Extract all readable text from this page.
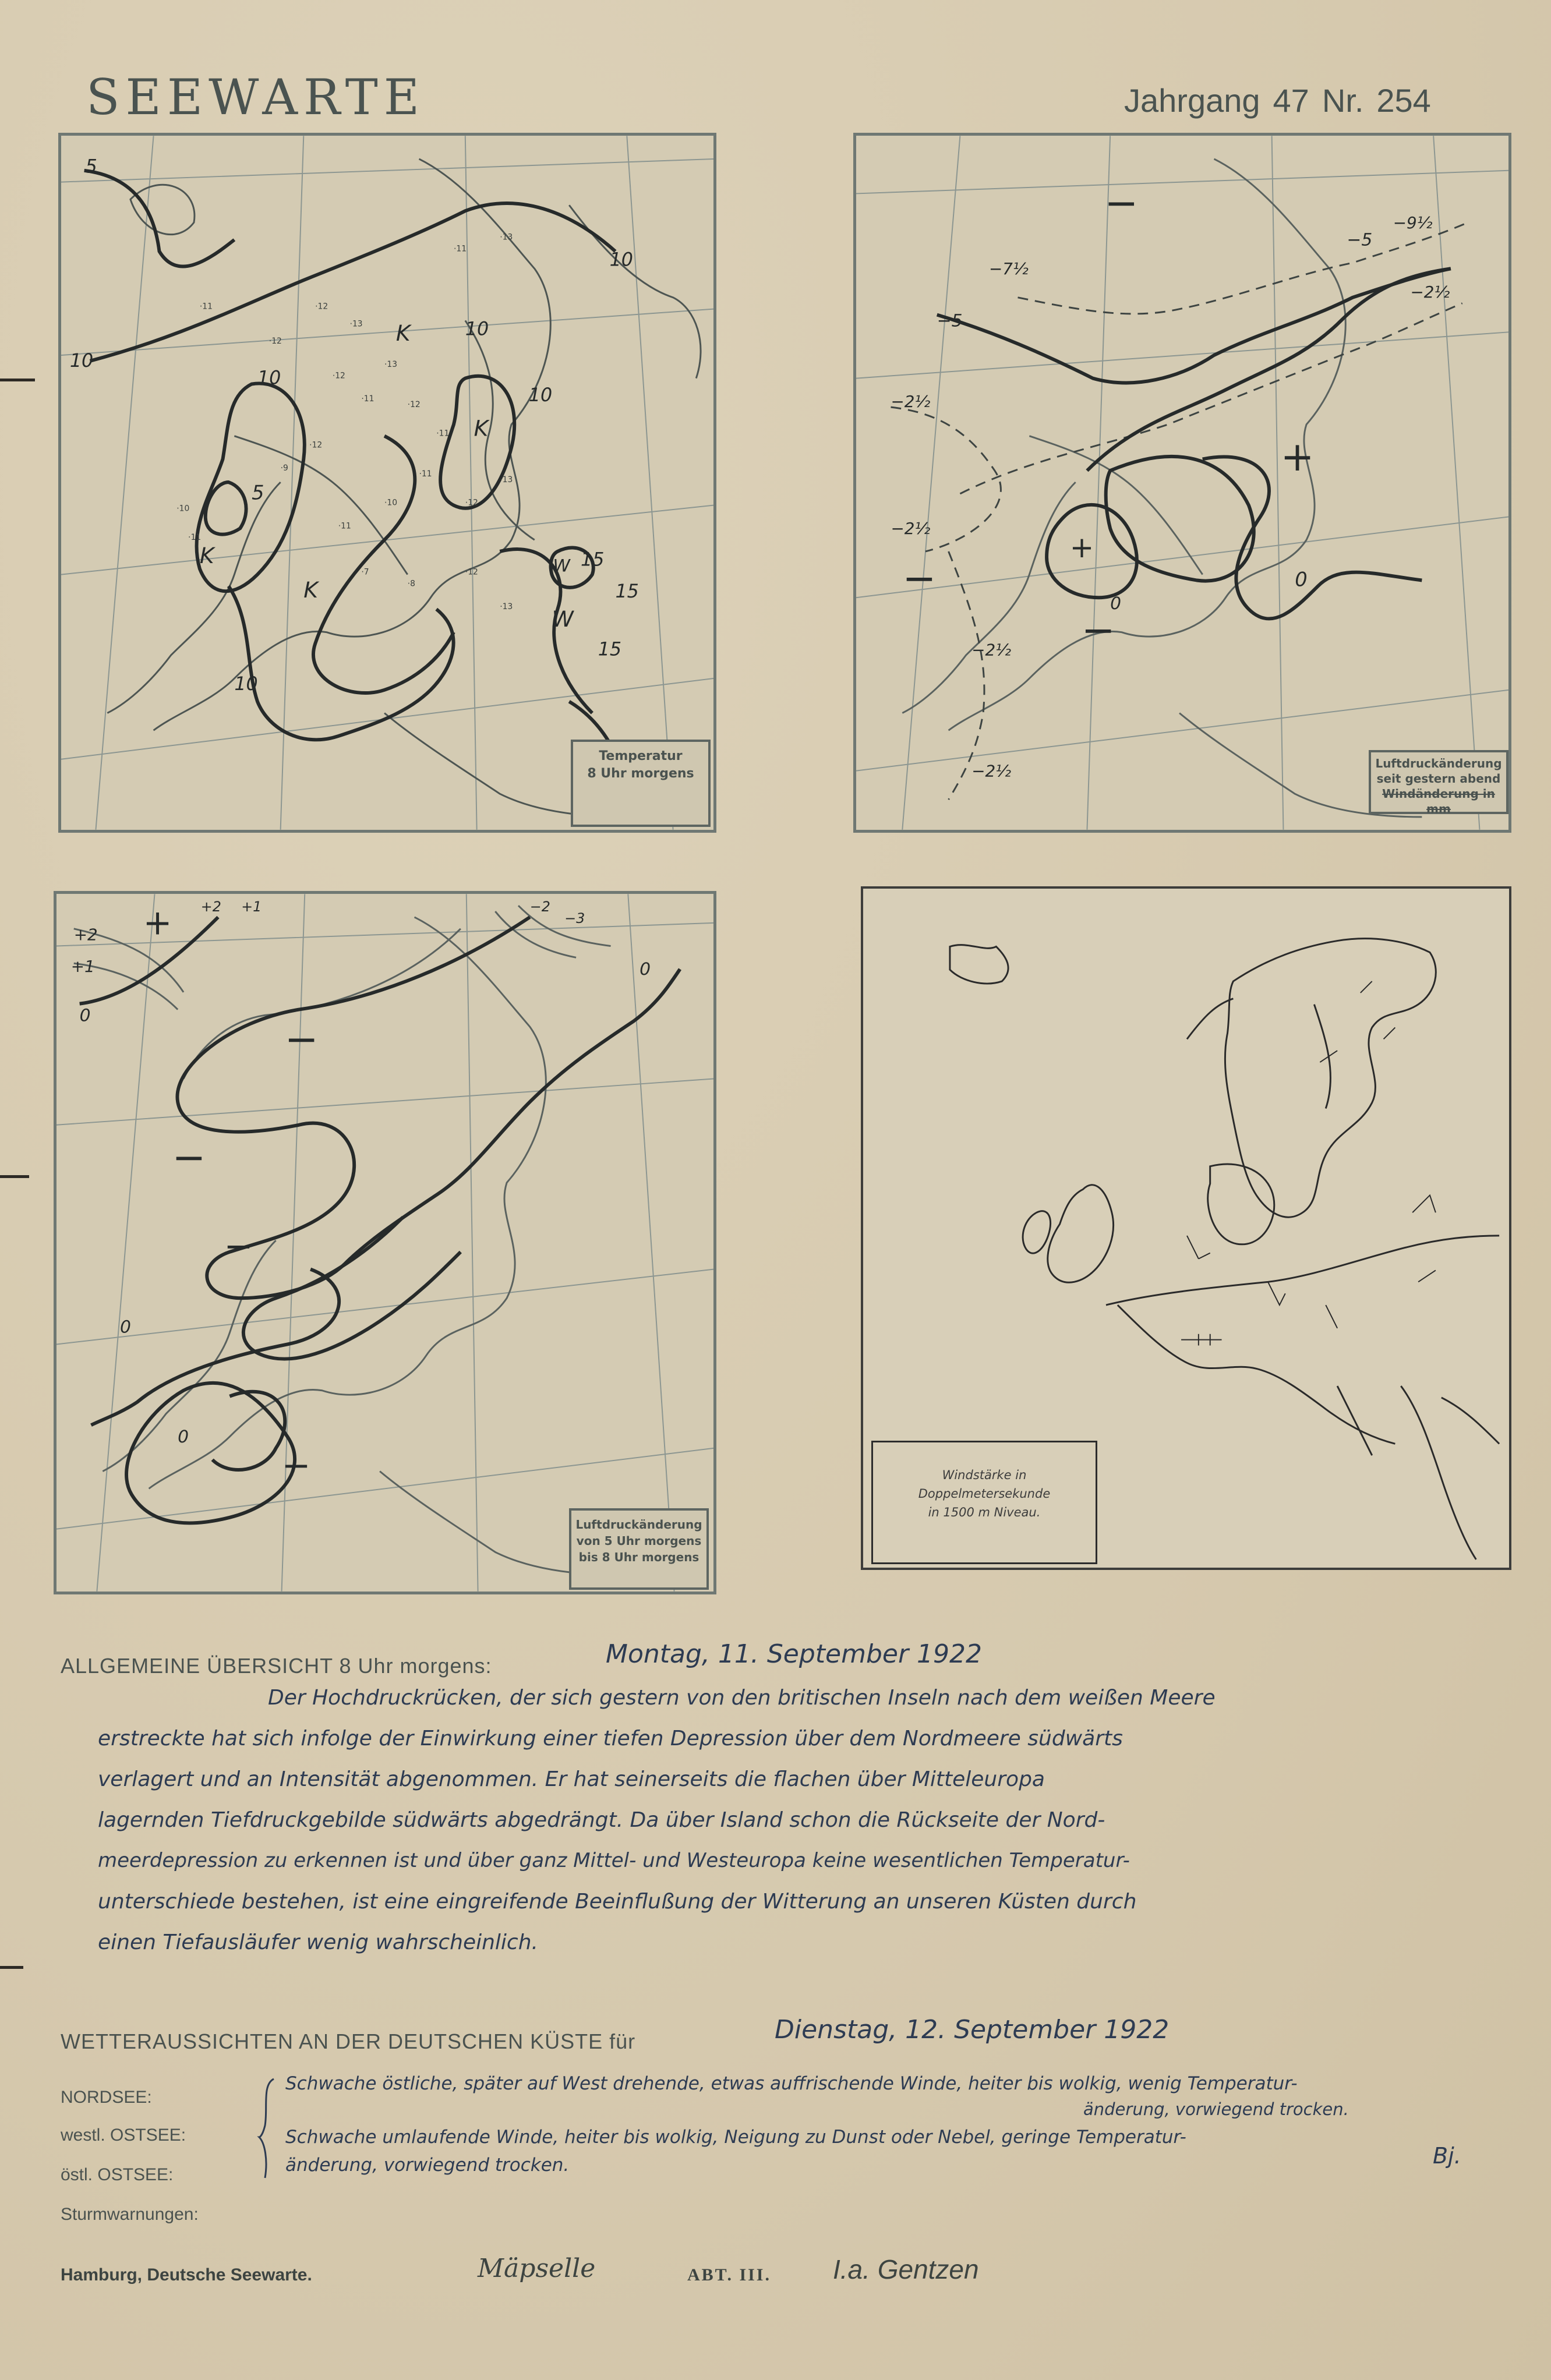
SEEWARTE	Jahrgang 47 Nr. 254
5
10
10
10
10
10
10
15
15
15
K
K
K
K
5
W
W
·12
·13
·13
·12
·11
·12
·11
·12
·9
·11
·10
·11
·12
·13
·10
·11
·7
·8
·12
·13
·11
·13
·11
·12
Temperatur
8 Uhr morgens
−
−
−
+
+
0
0
−5
−5
−2½
−2½
−2½
−2½
−7½
−9½
−2½	Luftdruckänderung
seit gestern abend
Windänderung in mm
+
+2
+1
0
−
−
−
0
0
0
+2 +1	−2
−3
−
Luftdruckänderung
von 5 Uhr morgens
bis 8 Uhr morgens
Windstärke in
Doppelmetersekunde
in 1500 m Niveau.
ALLGEMEINE ÜBERSICHT 8 Uhr morgens:	Montag, 11. September 1922
Der Hochdruckrücken, der sich gestern von den britischen Inseln nach dem weißen Meere
erstreckte hat sich infolge der Einwirkung einer tiefen Depression über dem Nordmeere südwärts
verlagert und an Intensität abgenommen. Er hat seinerseits die flachen über Mitteleuropa
lagernden Tiefdruckgebilde südwärts abgedrängt. Da über Island schon die Rückseite der Nord-
meerdepression zu erkennen ist und über ganz Mittel- und Westeuropa keine wesentlichen Temperatur-
unterschiede bestehen, ist eine eingreifende Beeinflußung der Witterung an unseren Küsten durch
einen Tiefausläufer wenig wahrscheinlich.
WETTERAUSSICHTEN AN DER DEUTSCHEN KÜSTE für	Dienstag, 12. September 1922
NORDSEE:
westl. OSTSEE:
östl. OSTSEE:
Sturmwarnungen:
Schwache östliche, später auf West drehende, etwas auffrischende Winde, heiter bis wolkig, wenig Temperatur-
änderung, vorwiegend trocken.
Schwache umlaufende Winde, heiter bis wolkig, Neigung zu Dunst oder Nebel, geringe Temperatur-
änderung, vorwiegend trocken.	Bj.
Hamburg, Deutsche Seewarte.	Mäpselle	ABT. III. I.a. Gentzen
